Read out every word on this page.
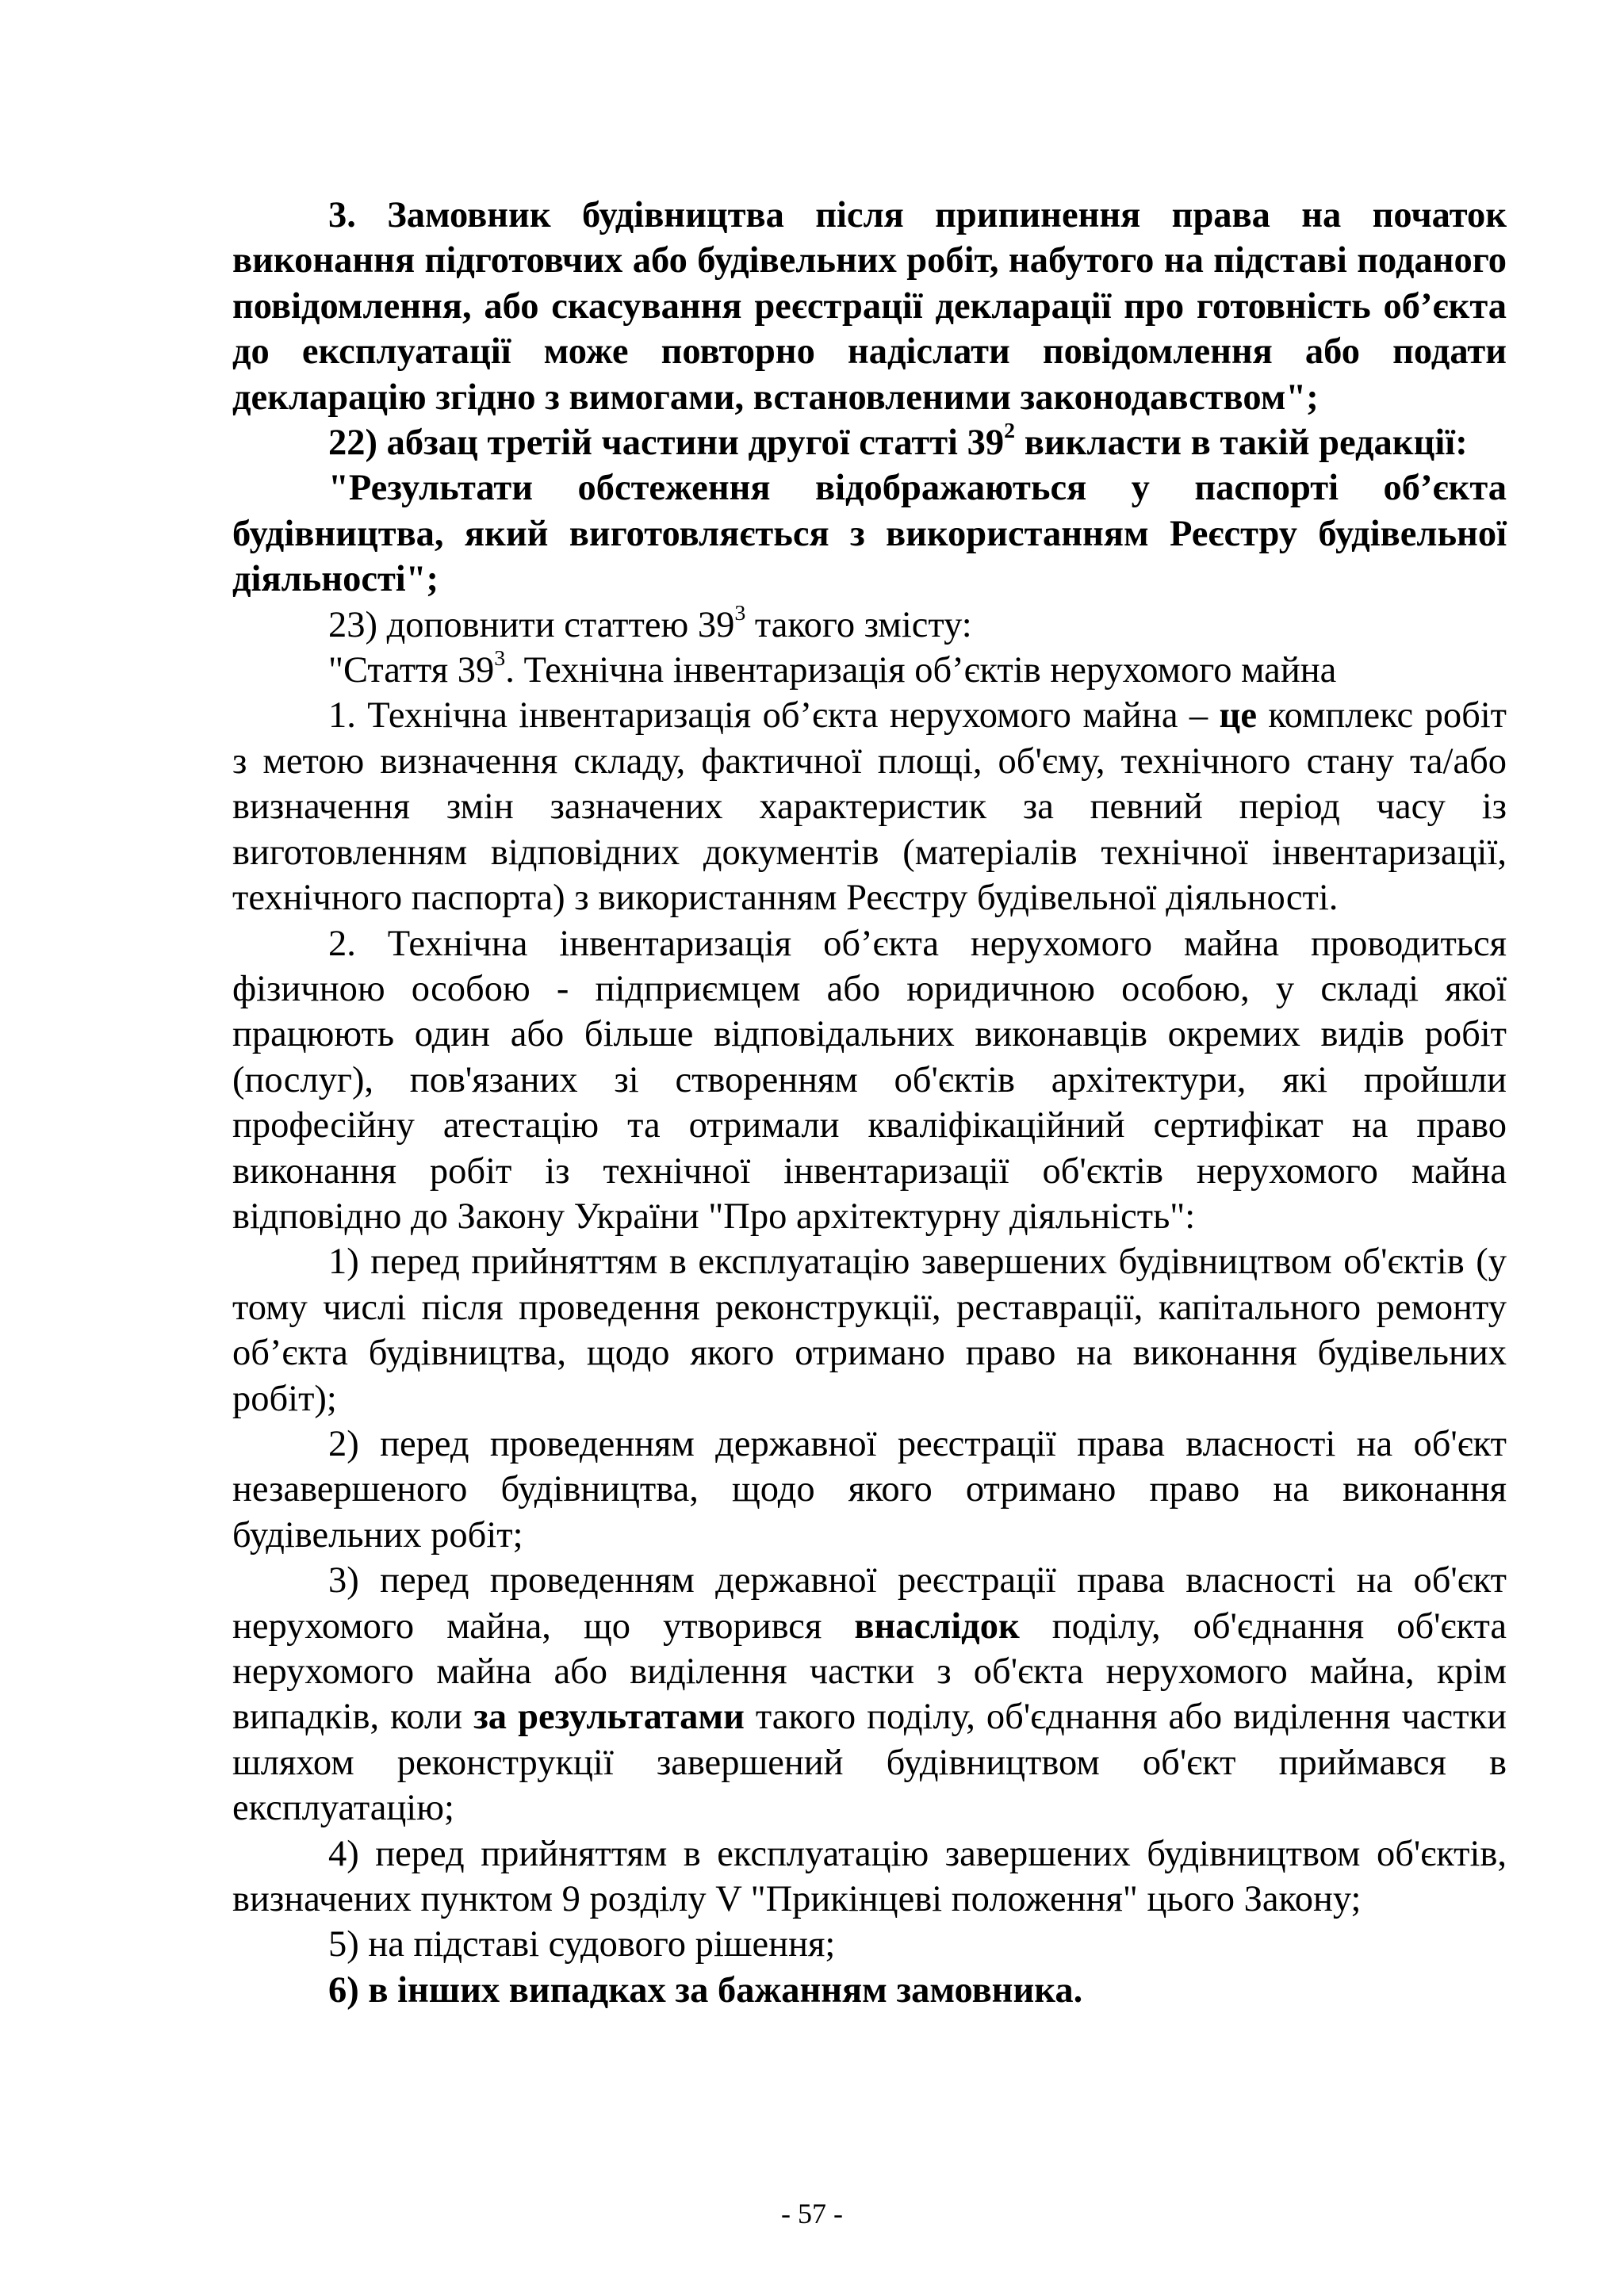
3. Замовник будівництва після припинення права на початок виконання підготовчих або будівельних робіт, набутого на підставі поданого повідомлення, або скасування реєстрації декларації про готовність об’єкта до експлуатації може повторно надіслати повідомлення або подати декларацію згідно з вимогами, встановленими законодавством";

22) абзац третій частини другої статті $39^2$ викласти в такій редакції:

"Результати обстеження відображаються у паспорті об’єкта будівництва, який виготовляється з використанням Реєстру будівельної діяльності";

23) доповнити статтею $39^3$ такого змісту:

"Стаття $39^3$. Технічна інвентаризація об’єктів нерухомого майна

1. Технічна інвентаризація об’єкта нерухомого майна – це комплекс робіт з метою визначення складу, фактичної площі, об'єму, технічного стану та/або визначення змін зазначених характеристик за певний період часу із виготовленням відповідних документів (матеріалів технічної інвентаризації, технічного паспорта) з використанням Реєстру будівельної діяльності.

2. Технічна інвентаризація об’єкта нерухомого майна проводиться фізичною особою - підприємцем або юридичною особою, у складі якої працюють один або більше відповідальних виконавців окремих видів робіт (послуг), пов'язаних зі створенням об'єктів архітектури, які пройшли професійну атестацію та отримали кваліфікаційний сертифікат на право виконання робіт із технічної інвентаризації об'єктів нерухомого майна відповідно до Закону України "Про архітектурну діяльність":

1) перед прийняттям в експлуатацію завершених будівництвом об'єктів (у тому числі після проведення реконструкції, реставрації, капітального ремонту об’єкта будівництва, щодо якого отримано право на виконання будівельних робіт);

2) перед проведенням державної реєстрації права власності на об'єкт незавершеного будівництва, щодо якого отримано право на виконання будівельних робіт;

3) перед проведенням державної реєстрації права власності на об'єкт нерухомого майна, що утворився внаслідок поділу, об'єднання об'єкта нерухомого майна або виділення частки з об'єкта нерухомого майна, крім випадків, коли за результатами такого поділу, об'єднання або виділення частки шляхом реконструкції завершений будівництвом об'єкт приймався в експлуатацію;

4) перед прийняттям в експлуатацію завершених будівництвом об'єктів, визначених пунктом 9 розділу V "Прикінцеві положення" цього Закону;

5) на підставі судового рішення;

6) в інших випадках за бажанням замовника.

- 57 -
